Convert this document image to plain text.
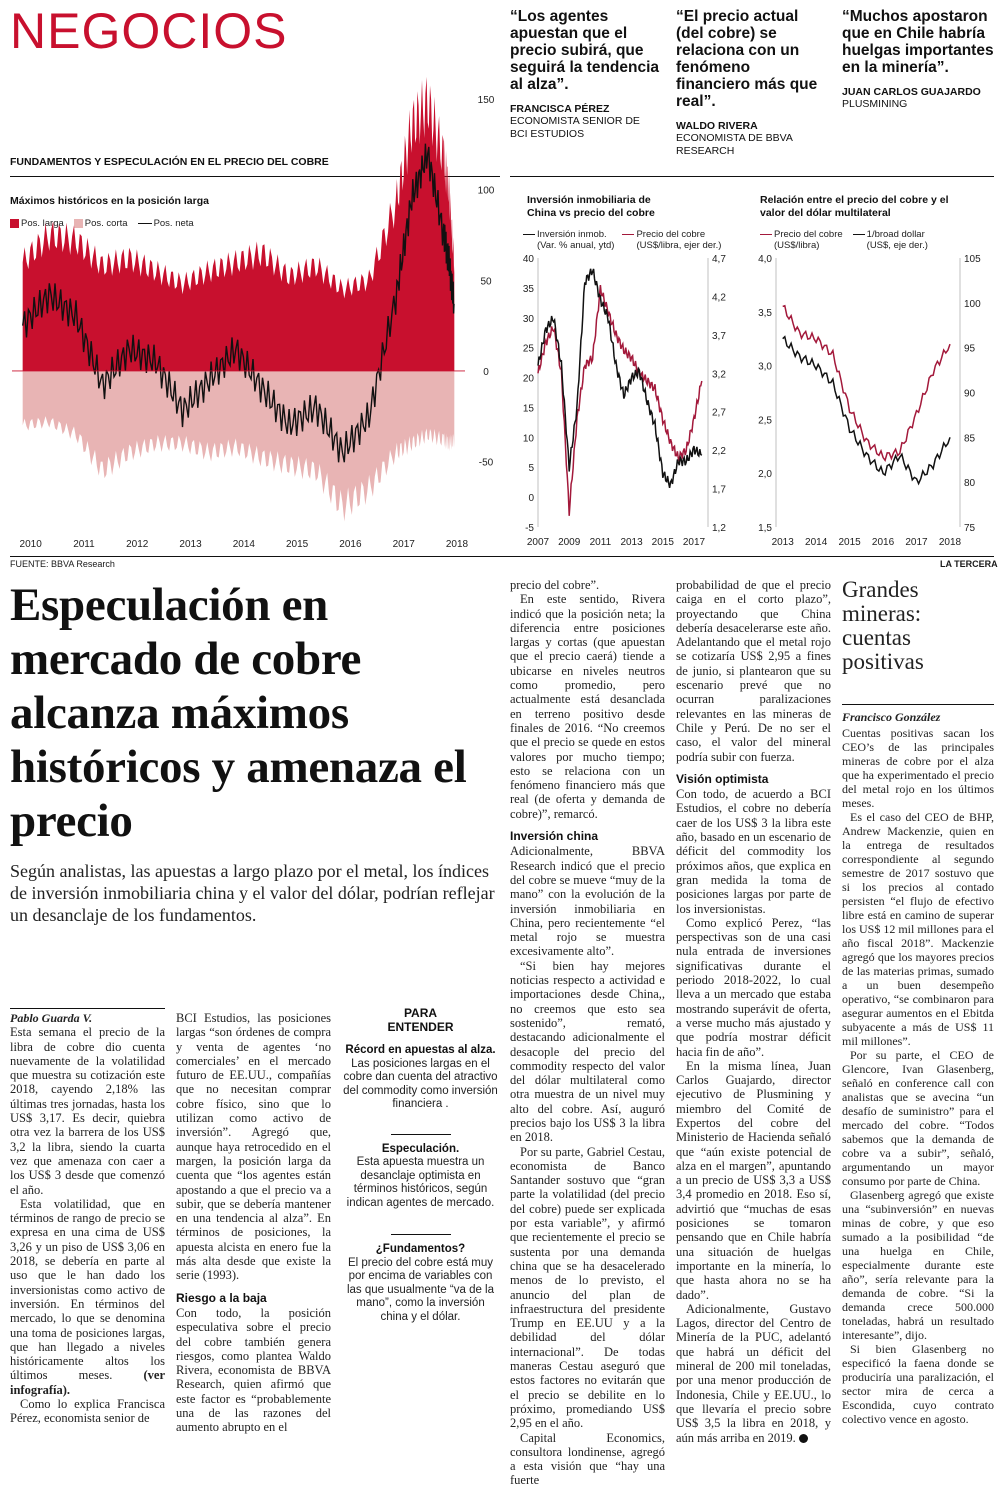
NEGOCIOS	“Los agentes apuestan que el precio subirá, que seguirá la tendencia al alza”.
FRANCISCA PÉREZ
ECONOMISTA SENIOR DE BCI ESTUDIOS
“El precio actual (del cobre) se relaciona con un fenómeno financiero más que real”.
WALDO RIVERA
ECONOMISTA DE BBVA RESEARCH
“Muchos apostaron que en Chile habría huelgas importantes en la minería”.
JUAN CARLOS GUAJARDO
PLUSMINING
FUNDAMENTOS Y ESPECULACIÓN EN EL PRECIO DEL COBRE
Máximos históricos en la posición larga
Pos. larga	Pos. corta	Pos. neta
150
100
50
0
-50
2010	2011	2012	2013	2014	2015	2016	2017	2018
Inversión inmobiliaria de China vs precio del cobre
Inversión inmob.
(Var. % anual, ytd)
Precio del cobre
(US$/libra, ejer der.)
40
35
30
25
20
15
10
5
0
-5
4,7
4,2
3,7
3,2
2,7
2,2
1,7
1,2
2007 2009 2011 2013 2015 2017
Relación entre el precio del cobre y el valor del dólar multilateral
Precio del cobre
(US$/libra)
1/broad dollar
(US$, eje der.)
4,0
3,5
3,0
2,5
2,0
1,5
105
100
95
90
85
80
75
2013 2014 2015 2016 2017 2018
FUENTE: BBVA Research	LA TERCERA
Especulación en mercado de cobre alcanza máximos históricos y amenaza el precio
Según analistas, las apuestas a largo plazo por el metal, los índices de inversión inmobiliaria china y el valor del dólar, podrían reflejar un desanclaje de los fundamentos.

Pablo Guarda V.

Esta semana el precio de la libra de cobre dio cuenta nuevamente de la volatilidad que muestra su cotización este 2018, cayendo 2,18% las últimas tres jornadas, hasta los US$ 3,17. Es decir, quiebra otra vez la barrera de los US$ 3,2 la libra, siendo la cuarta vez que amenaza con caer a los US$ 3 desde que comenzó el año.

Esta volatilidad, que en términos de rango de precio se expresa en una cima de US$ 3,26 y un piso de US$ 3,06 en 2018, se debería en parte al uso que le han dado los inversionistas como activo de inversión. En términos del mercado, lo que se denomina una toma de posiciones largas, que han llegado a niveles históricamente altos los últimos meses. (ver infografía).

Como lo explica Francisca Pérez, economista senior de

BCI Estudios, las posiciones largas “son órdenes de compra y venta de agentes ‘no comerciales’ en el mercado futuro de EE.UU., compañías que no necesitan comprar cobre físico, sino que lo utilizan como activo de inversión”. Agregó que, aunque haya retrocedido en el margen, la posición larga da cuenta que “los agentes están apostando a que el precio va a subir, que se debería mantener en una tendencia al alza”. En términos de posiciones, la apuesta alcista en enero fue la más alta desde que existe la serie (1993).

Riesgo a la baja

Con todo, la posición especulativa sobre el precio del cobre también genera riesgos, como plantea Waldo Rivera, economista de BBVA Research, quien afirmó que este factor es “probablemente una de las razones del aumento abrupto en el

PARA ENTENDER
Récord en apuestas al alza.
Las posiciones largas en el cobre dan cuenta del atractivo del commodity como inversión financiera .
Especulación.
Esta apuesta muestra un desanclaje optimista en términos históricos, según indican agentes de mercado.
¿Fundamentos?
El precio del cobre está muy por encima de variables con las que usualmente “va de la mano”, como la inversión china y el dólar.

precio del cobre”.

En este sentido, Rivera indicó que la posición neta; la diferencia entre posiciones largas y cortas (que apuestan que el precio caerá) tiende a ubicarse en niveles neutros como promedio, pero actualmente está desanclada en terreno positivo desde finales de 2016. “No creemos que el precio se quede en estos valores por mucho tiempo; esto se relaciona con un fenómeno financiero más que real (de oferta y demanda de cobre)”, remarcó.

Inversión china

Adicionalmente, BBVA Research indicó que el precio del cobre se mueve “muy de la mano” con la evolución de la inversión inmobiliaria en China, pero recientemente “el metal rojo se muestra excesivamente alto”.

“Si bien hay mejores noticias respecto a actividad e importaciones desde China,, no creemos que esto sea sostenido”, remató, destacando adicionalmente el desacople del precio del commodity respecto del valor del dólar multilateral como otra muestra de un nivel muy alto del cobre. Así, auguró precios bajo los US$ 3 la libra en 2018.

Por su parte, Gabriel Cestau, economista de Banco Santander sostuvo que “gran parte la volatilidad (del precio del cobre) puede ser explicada por esta variable”, y afirmó que recientemente el precio se sustenta por una demanda china que se ha desacelerado menos de lo previsto, el anuncio del plan de infraestructura del presidente Trump en EE.UU y a la debilidad del dólar internacional”. De todas maneras Cestau aseguró que estos factores no evitarán que el precio se debilite en lo próximo, promediando US$ 2,95 en el año.

Capital Economics, consultora londinense, agregó a esta visión que “hay una fuerte

probabilidad de que el precio caiga en el corto plazo”, proyectando que China debería desacelerarse este año. Adelantando que el metal rojo se cotizaría US$ 2,95 a fines de junio, si plantearon que su escenario prevé que no ocurran paralizaciones relevantes en las mineras de Chile y Perú. De no ser el caso, el valor del mineral podría subir con fuerza.

Visión optimista

Con todo, de acuerdo a BCI Estudios, el cobre no debería caer de los US$ 3 la libra este año, basado en un escenario de déficit del commodity los próximos años, que explica en gran medida la toma de posiciones largas por parte de los inversionistas.

Como explicó Perez, “las perspectivas son de una casi nula entrada de inversiones significativas durante el periodo 2018-2022, lo cual lleva a un mercado que estaba mostrando superávit de oferta, a verse mucho más ajustado y que podría mostrar déficit hacia fin de año”.

En la misma línea, Juan Carlos Guajardo, director ejecutivo de Plusmining y miembro del Comité de Expertos del cobre del Ministerio de Hacienda señaló que “aún existe potencial de alza en el margen”, apuntando a un precio de US$ 3,3 a US$ 3,4 promedio en 2018. Eso sí, advirtió que “muchas de esas posiciones se tomaron pensando que en Chile habría una situación de huelgas importante en la minería, lo que hasta ahora no se ha dado”.

Adicionalmente, Gustavo Lagos, director del Centro de Minería de la PUC, adelantó que habrá un déficit del mineral de 200 mil toneladas, por una menor producción de Indonesia, Chile y EE.UU., lo que llevaría el precio sobre US$ 3,5 la libra en 2018, y aún más arriba en 2019.

Grandes mineras: cuentas positivas

Francisco González

Cuentas positivas sacan los CEO’s de las principales mineras de cobre por el alza que ha experimentado el precio del metal rojo en los últimos meses.

Es el caso del CEO de BHP, Andrew Mackenzie, quien en la entrega de resultados correspondiente al segundo semestre de 2017 sostuvo que si los precios al contado persisten “el flujo de efectivo libre está en camino de superar los US$ 12 mil millones para el año fiscal 2018”. Mackenzie agregó que los mayores precios de las materias primas, sumado a un buen desempeño operativo, “se combinaron para asegurar aumentos en el Ebitda subyacente a más de US$ 11 mil millones”.

Por su parte, el CEO de Glencore, Ivan Glasenberg, señaló en conference call con analistas que se avecina “un desafío de suministro” para el mercado del cobre. “Todos sabemos que la demanda de cobre va a subir”, señaló, argumentando un mayor consumo por parte de China.

Glasenberg agregó que existe una “subinversión” en nuevas minas de cobre, y que eso sumado a la posibilidad “de una huelga en Chile, especialmente durante este año”, sería relevante para la demanda de cobre. “Si la demanda crece 500.000 toneladas, habrá un resultado interesante”, dijo.

Si bien Glasenberg no especificó la faena donde se produciría una paralización, el sector mira de cerca a Escondida, cuyo contrato colectivo vence en agosto.
